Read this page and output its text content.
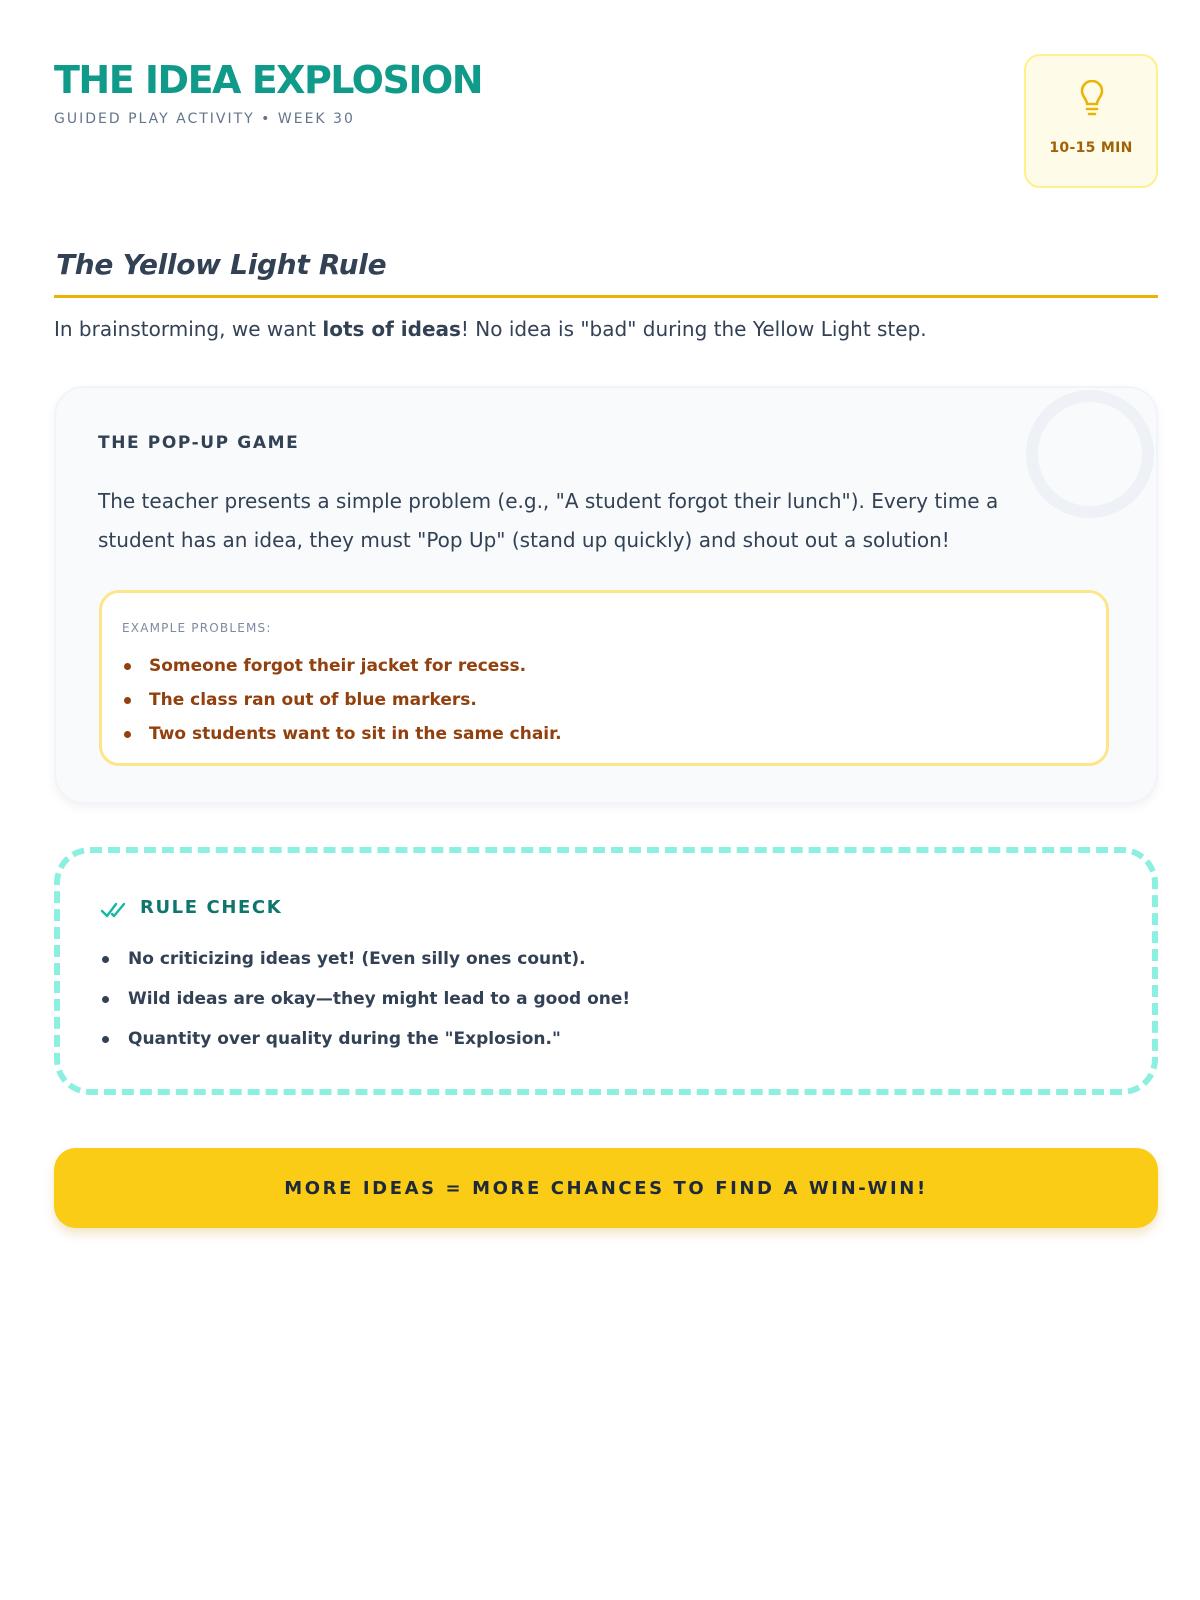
THE IDEA EXPLOSION
GUIDED PLAY ACTIVITY • WEEK 30
10-15 MIN
The Yellow Light Rule

In brainstorming, we want lots of ideas! No idea is "bad" during the Yellow Light step.

THE POP-UP GAME
The teacher presents a simple problem (e.g., "A student forgot their lunch"). Every time a student has an idea, they must "Pop Up" (stand up quickly) and shout out a solution!
EXAMPLE PROBLEMS:
Someone forgot their jacket for recess.
The class ran out of blue markers.
Two students want to sit in the same chair.
RULE CHECK
No criticizing ideas yet! (Even silly ones count).
Wild ideas are okay—they might lead to a good one!
Quantity over quality during the "Explosion."
MORE IDEAS = MORE CHANCES TO FIND A WIN-WIN!
